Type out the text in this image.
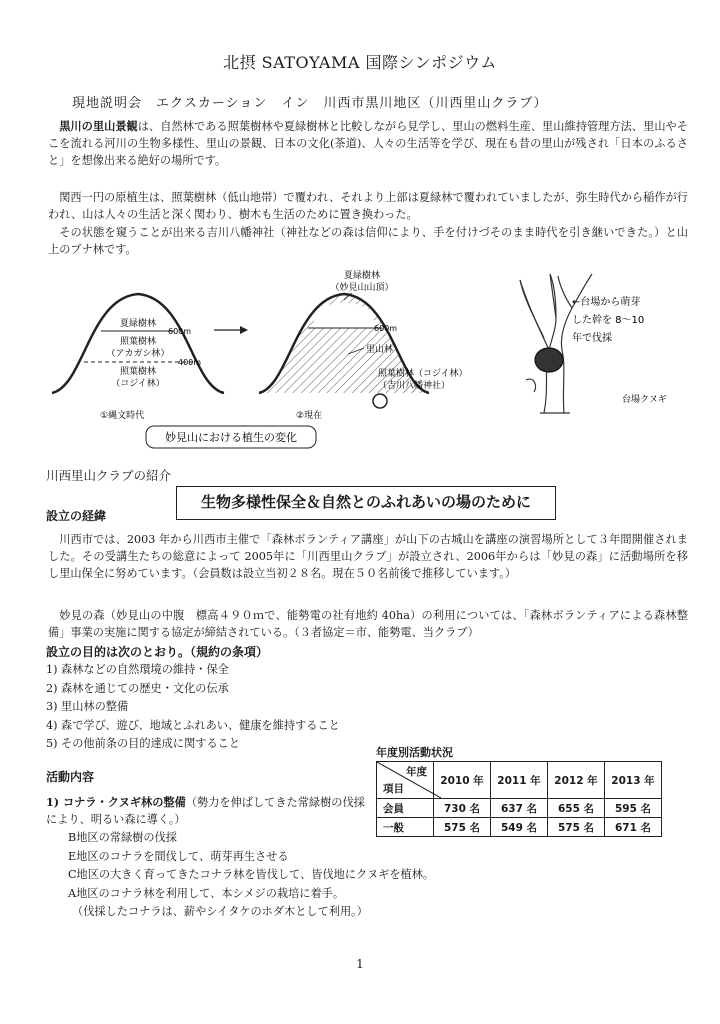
北摂 SATOYAMA 国際シンポジウム
現地説明会　エクスカーション　イン　川西市黒川地区（川西里山クラブ）
黒川の里山景観は、自然林である照葉樹林や夏緑樹林と比較しながら見学し、里山の燃料生産、里山維持管理方法、里山やそこを流れる河川の生物多様性、里山の景観、日本の文化(茶道)、人々の生活等を学び、現在も昔の里山が残され「日本のふるさと」を想像出来る絶好の場所です。
関西一円の原植生は、照葉樹林（低山地帯）で覆われ、それより上部は夏緑林で覆われていましたが、弥生時代から稲作が行われ、山は人々の生活と深く関わり、樹木も生活のために置き換わった。
その状態を窺うことが出来る吉川八幡神社（神社などの森は信仰により、手を付けづそのまま時代を引き継いできた。）と山上のブナ林です。
夏緑樹林
照葉樹林
（アカガシ林）
照葉樹林
（コジイ林）
600m
400m
①縄文時代
夏緑樹林
（妙見山山頂）
600m
里山林
照葉樹林（コジイ林）
（吉川八幡神社）
②現在
妙見山における植生の変化
←台場から萌芽
した幹を 8～10
年で伐採
台場クヌギ
川西里山クラブの紹介
生物多様性保全＆自然とのふれあいの場のために
設立の経緯
川西市では、2003 年から川西市主催で「森林ボランティア講座」が山下の古城山を講座の演習場所として３年間開催されました。その受講生たちの総意によって 2005年に「川西里山クラブ」が設立され、2006年からは「妙見の森」に活動場所を移し里山保全に努めています。（会員数は設立当初２８名。現在５０名前後で推移しています。）
妙見の森（妙見山の中腹　標高４９０ｍで、能勢電の社有地約 40ha）の利用については、「森林ボランティアによる森林整備」事業の実施に関する協定が締結されている。（３者協定＝市、能勢電、当クラブ）
設立の目的は次のとおり。（規約の条項）
1) 森林などの自然環境の維持・保全
2) 森林を通じての歴史・文化の伝承
3) 里山林の整備
4) 森で学び、遊び、地域とふれあい、健康を維持すること
5) その他前条の目的達成に関すること
年度別活動状況
年度
項目	2010 年	2011 年	2012 年	2013 年
会員	730 名	637 名	655 名	595 名
一般	575 名	549 名	575 名	671 名
活動内容
1) コナラ・クヌギ林の整備（勢力を伸ばしてきた常緑樹の伐採により、明るい森に導く。）
B地区の常緑樹の伐採
E地区のコナラを間伐して、萌芽再生させる
C地区の大きく育ってきたコナラ林を皆伐して、皆伐地にクヌギを植林。
A地区のコナラ林を利用して、本シメジの栽培に着手。
（伐採したコナラは、薪やシイタケのホダ木として利用。）
1
